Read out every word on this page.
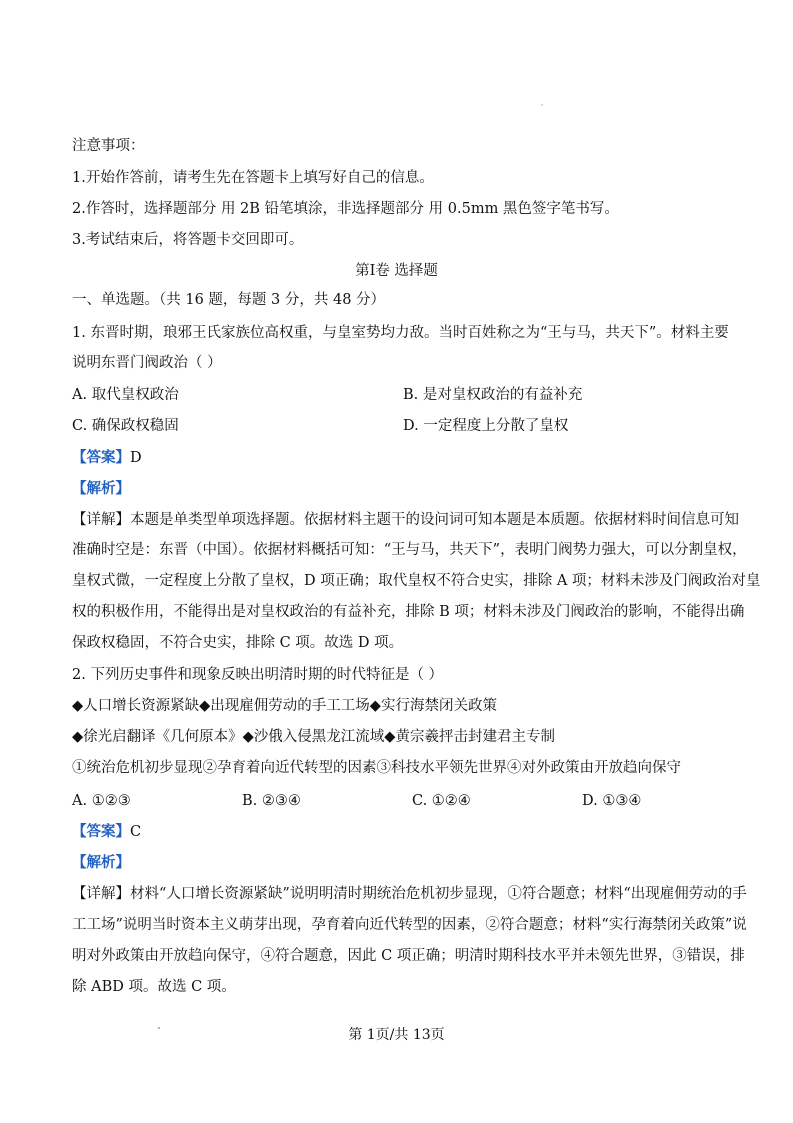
注意事项：
1.开始作答前，请考生先在答题卡上填写好自己的信息。
2.作答时，选择题部分 用 2B 铅笔填涂，非选择题部分 用 0.5mm 黑色签字笔书写。
3.考试结束后，将答题卡交回即可。
第Ⅰ卷 选择题
一、单选题。（共 16 题，每题 3 分，共 48 分）
1. 东晋时期，琅邪王氏家族位高权重，与皇室势均力敌。当时百姓称之为“王与马，共天下”。材料主要
说明东晋门阀政治（ ）
A. 取代皇权政治	B. 是对皇权政治的有益补充
C. 确保政权稳固	D. 一定程度上分散了皇权
【答案】D
【解析】
【详解】本题是单类型单项选择题。依据材料主题干的设问词可知本题是本质题。依据材料时间信息可知
准确时空是：东晋（中国）。依据材料概括可知：“王与马，共天下”，表明门阀势力强大，可以分割皇权，
皇权式微，一定程度上分散了皇权，D 项正确；取代皇权不符合史实，排除 A 项；材料未涉及门阀政治对皇
权的积极作用，不能得出是对皇权政治的有益补充，排除 B 项；材料未涉及门阀政治的影响，不能得出确
保政权稳固，不符合史实，排除 C 项。故选 D 项。
2. 下列历史事件和现象反映出明清时期的时代特征是（ ）
◆人口增长资源紧缺◆出现雇佣劳动的手工工场◆实行海禁闭关政策
◆徐光启翻译《几何原本》◆沙俄入侵黑龙江流域◆黄宗羲抨击封建君主专制
①统治危机初步显现②孕育着向近代转型的因素③科技水平领先世界④对外政策由开放趋向保守
A. ①②③	B. ②③④	C. ①②④	D. ①③④
【答案】C
【解析】
【详解】材料“人口增长资源紧缺”说明明清时期统治危机初步显现，①符合题意；材料“出现雇佣劳动的手
工工场”说明当时资本主义萌芽出现，孕育着向近代转型的因素，②符合题意；材料“实行海禁闭关政策”说
明对外政策由开放趋向保守，④符合题意，因此 C 项正确；明清时期科技水平并未领先世界，③错误，排
除 ABD 项。故选 C 项。
第 1页/共 13页
